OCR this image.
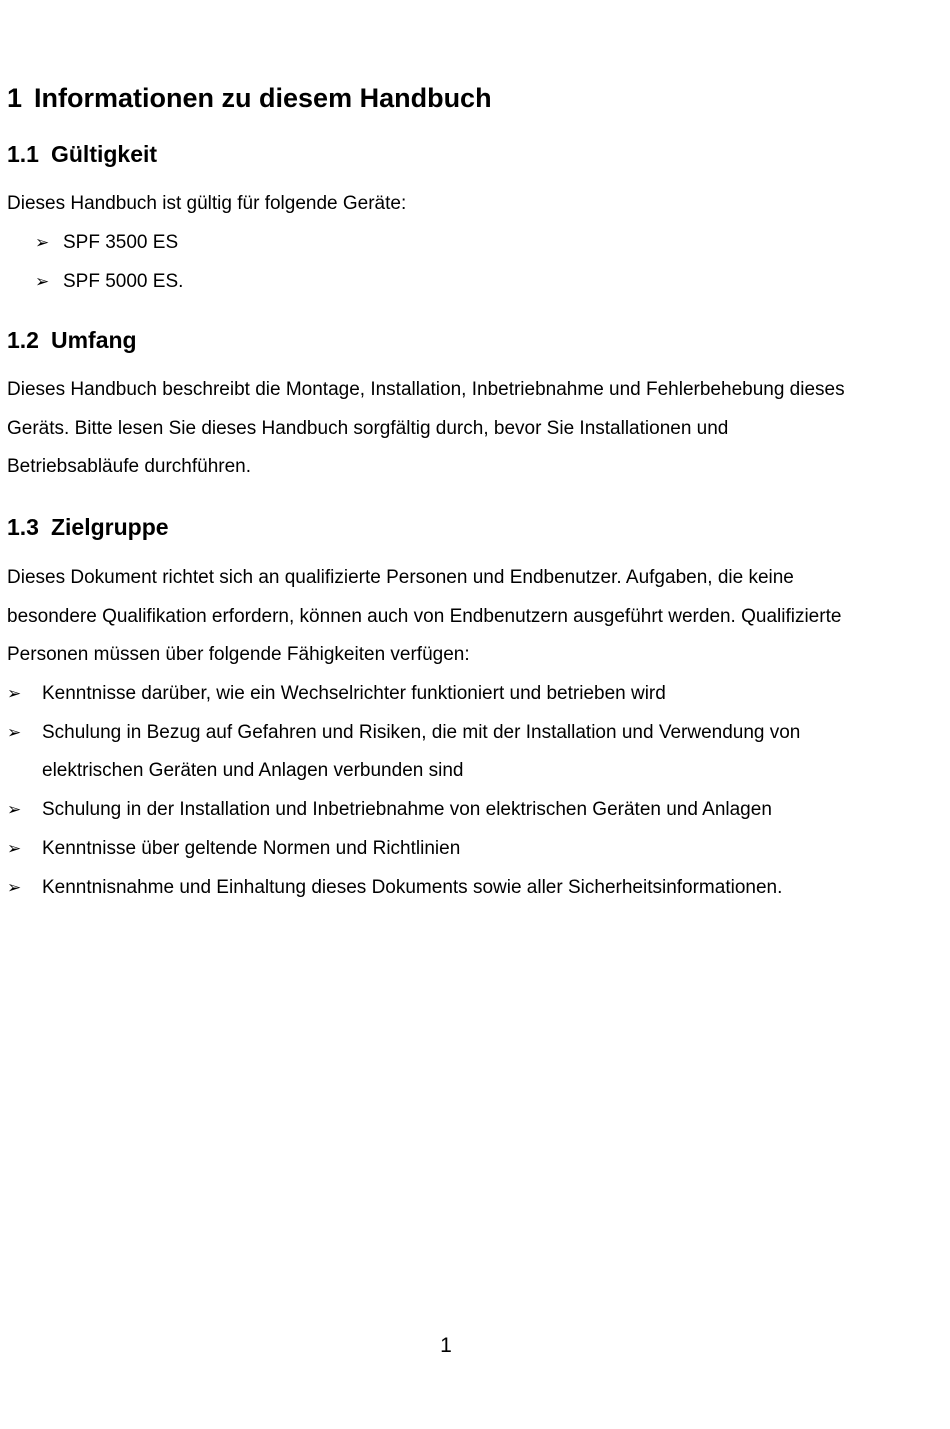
1 Informationen zu diesem Handbuch
1.1 Gültigkeit

Dieses Handbuch ist gültig für folgende Geräte:

➢ SPF 3500 ES
➢ SPF 5000 ES.
1.2 Umfang
Dieses Handbuch beschreibt die Montage, Installation, Inbetriebnahme und Fehlerbehebung dieses
Geräts. Bitte lesen Sie dieses Handbuch sorgfältig durch, bevor Sie Installationen und
Betriebsabläufe durchführen.
1.3 Zielgruppe
Dieses Dokument richtet sich an qualifizierte Personen und Endbenutzer. Aufgaben, die keine
besondere Qualifikation erfordern, können auch von Endbenutzern ausgeführt werden. Qualifizierte
Personen müssen über folgende Fähigkeiten verfügen:
➢ Kenntnisse darüber, wie ein Wechselrichter funktioniert und betrieben wird
➢ Schulung in Bezug auf Gefahren und Risiken, die mit der Installation und Verwendung von elektrischen Geräten und Anlagen verbunden sind
➢ Schulung in der Installation und Inbetriebnahme von elektrischen Geräten und Anlagen
➢ Kenntnisse über geltende Normen und Richtlinien
➢ Kenntnisnahme und Einhaltung dieses Dokuments sowie aller Sicherheitsinformationen.
1
